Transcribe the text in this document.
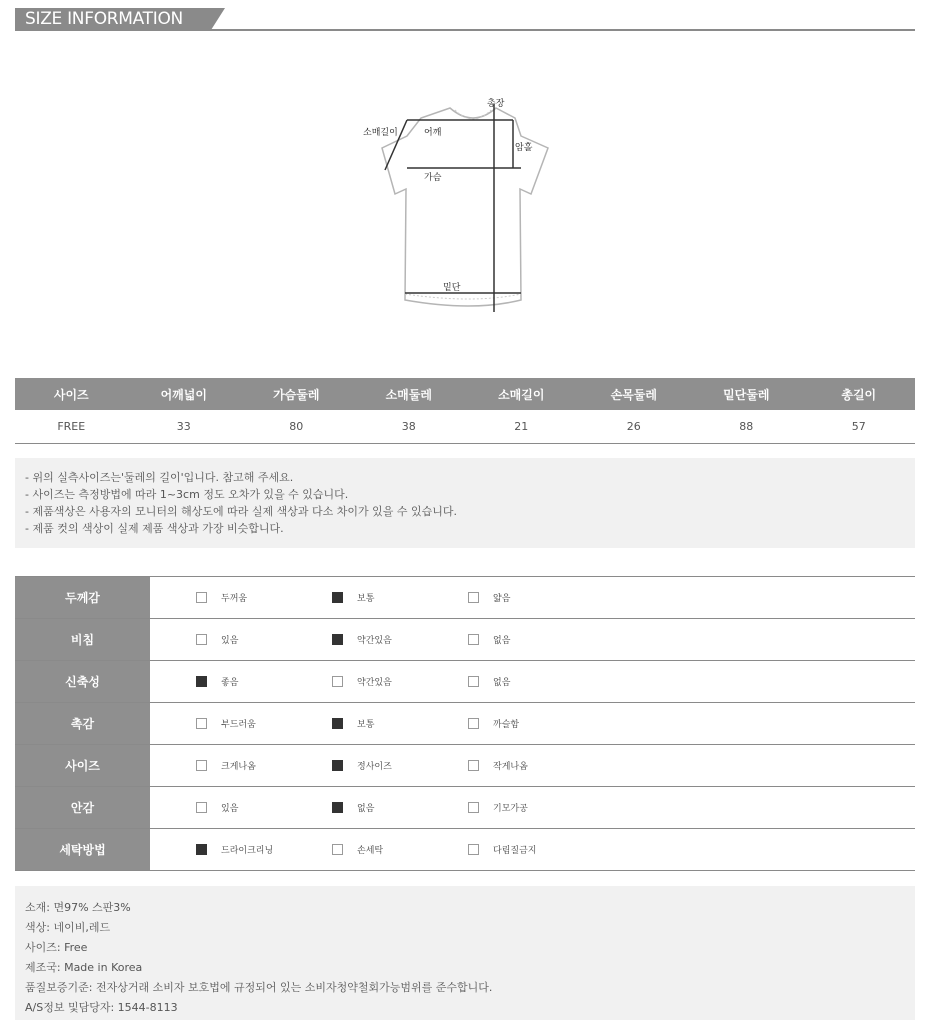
SIZE INFORMATION
총장
소매길이	어깨
암홀
가슴
밑단
사이즈	어깨넓이	가슴둘레	소매둘레	소매길이	손목둘레	밑단둘레	총길이
FREE	33	80	38	21	26	88	57
- 위의 실측사이즈는'둘레의 길이'입니다. 참고해 주세요.
- 사이즈는 측정방법에 따라 1~3cm 정도 오차가 있을 수 있습니다.
- 제품색상은 사용자의 모니터의 해상도에 따라 실제 색상과 다소 차이가 있을 수 있습니다.
- 제품 컷의 색상이 실제 제품 색상과 가장 비슷합니다.
두께감	두꺼움	보통	얇음
비침	있음	약간있음	없음
신축성	좋음	약간있음	없음
촉감	부드러움	보통	까슬함
사이즈	크게나옴	정사이즈	작게나옴
안감	있음	없음	기모가공
세탁방법	드라이크리닝	손세탁	다림질금지
소재: 면97% 스판3%
색상: 네이비,레드
사이즈: Free
제조국: Made in Korea
품질보증기준: 전자상거래 소비자 보호법에 규정되어 있는 소비자청약철회가능범위를 준수합니다.
A/S정보 및담당자: 1544-8113
